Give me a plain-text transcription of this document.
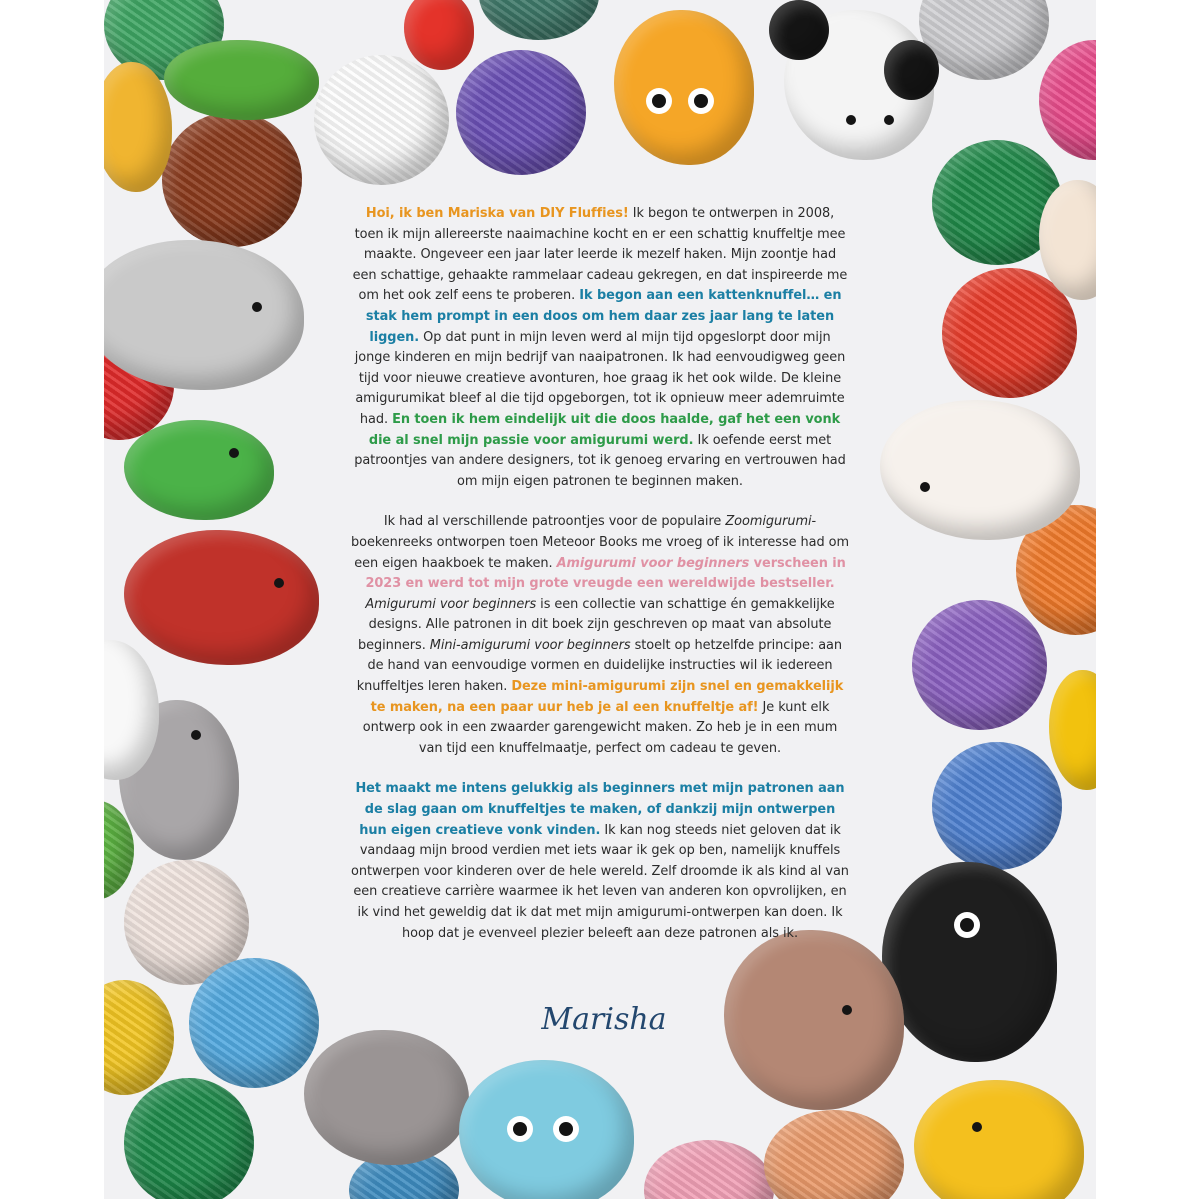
Hoi, ik ben Mariska van DIY Fluffies! Ik begon te ontwerpen in 2008, toen ik mijn allereerste naaimachine kocht en er een schattig knuffeltje mee maakte. Ongeveer een jaar later leerde ik mezelf haken. Mijn zoontje had een schattige, gehaakte rammelaar cadeau gekregen, en dat inspireerde me om het ook zelf eens te proberen. Ik begon aan een kattenknuffel… en stak hem prompt in een doos om hem daar zes jaar lang te laten liggen. Op dat punt in mijn leven werd al mijn tijd opgeslorpt door mijn jonge kinderen en mijn bedrijf van naaipatronen. Ik had eenvoudigweg geen tijd voor nieuwe creatieve avonturen, hoe graag ik het ook wilde. De kleine amigurumikat bleef al die tijd opgeborgen, tot ik opnieuw meer ademruimte had. En toen ik hem eindelijk uit die doos haalde, gaf het een vonk die al snel mijn passie voor amigurumi werd. Ik oefende eerst met patroontjes van andere designers, tot ik genoeg ervaring en vertrouwen had om mijn eigen patronen te beginnen maken.

Ik had al verschillende patroontjes voor de populaire Zoomigurumi-boekenreeks ontworpen toen Meteoor Books me vroeg of ik interesse had om een eigen haakboek te maken. Amigurumi voor beginners verscheen in 2023 en werd tot mijn grote vreugde een wereldwijde bestseller. Amigurumi voor beginners is een collectie van schattige én gemakkelijke designs. Alle patronen in dit boek zijn geschreven op maat van absolute beginners. Mini-amigurumi voor beginners stoelt op hetzelfde principe: aan de hand van eenvoudige vormen en duidelijke instructies wil ik iedereen knuffeltjes leren haken. Deze mini-amigurumi zijn snel en gemakkelijk te maken, na een paar uur heb je al een knuffeltje af! Je kunt elk ontwerp ook in een zwaarder garengewicht maken. Zo heb je in een mum van tijd een knuffelmaatje, perfect om cadeau te geven.

Het maakt me intens gelukkig als beginners met mijn patronen aan de slag gaan om knuffeltjes te maken, of dankzij mijn ontwerpen hun eigen creatieve vonk vinden. Ik kan nog steeds niet geloven dat ik vandaag mijn brood verdien met iets waar ik gek op ben, namelijk knuffels ontwerpen voor kinderen over de hele wereld. Zelf droomde ik als kind al van een creatieve carrière waarmee ik het leven van anderen kon opvrolijken, en ik vind het geweldig dat ik dat met mijn amigurumi-ontwerpen kan doen. Ik hoop dat je evenveel plezier beleeft aan deze patronen als ik.

Marisha
